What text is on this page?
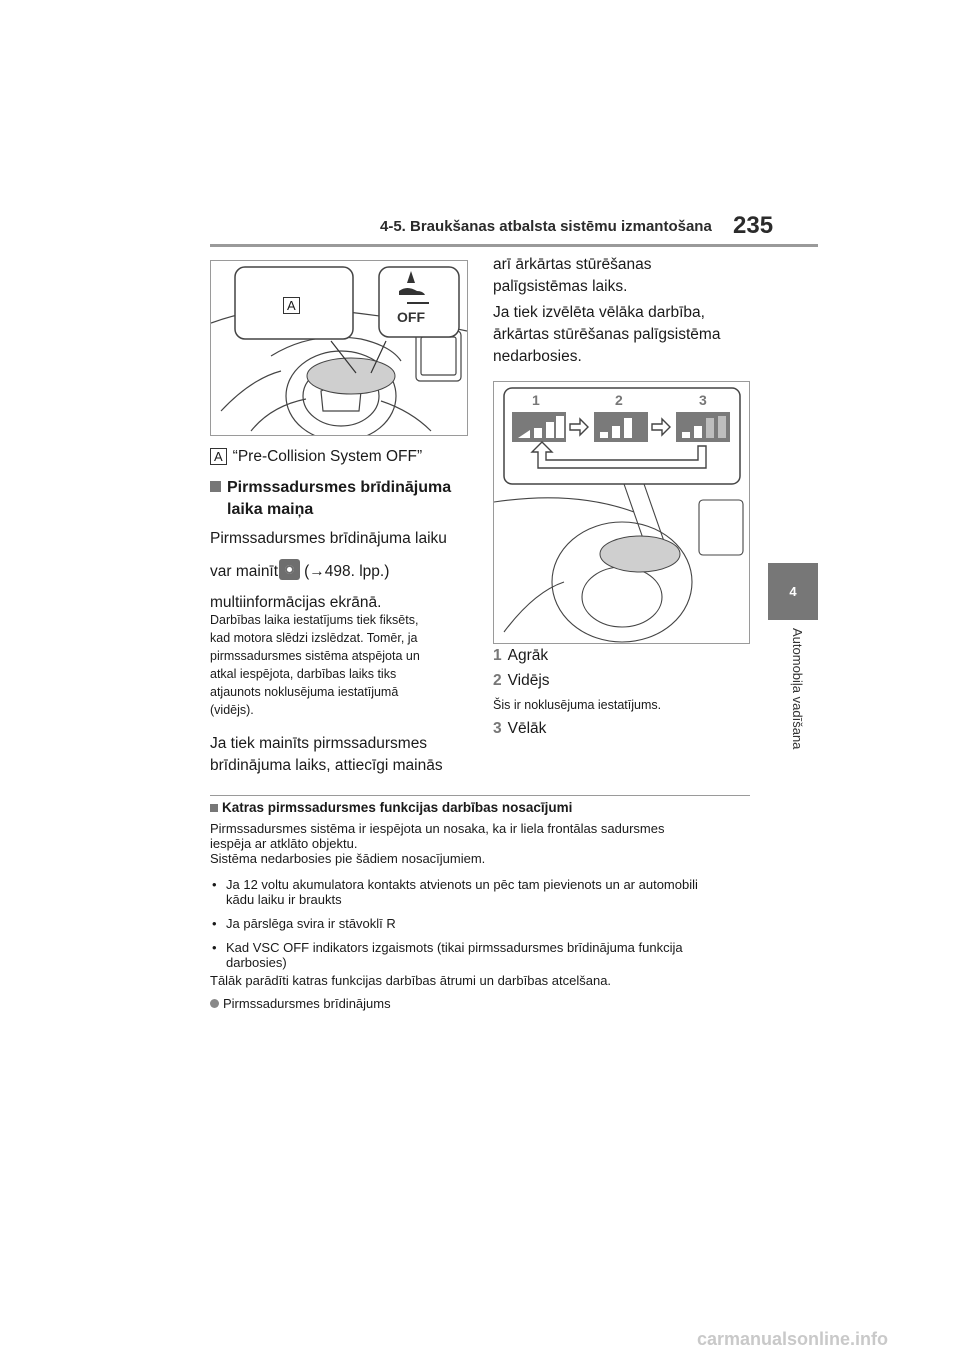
4-5. Braukšanas atbalsta sistēmu izmantošana 235
4
Automobiļa vadīšana
A
OFF
A “Pre-Collision System OFF”
Pirmssadursmes brīdinājuma
laika maiņa
Pirmssadursmes brīdinājuma laiku
var mainīt (→498. lpp.)
multiinformācijas ekrānā.
Darbības laika iestatījums tiek fiksēts,
kad motora slēdzi izslēdzat. Tomēr, ja
pirmssadursmes sistēma atspējota un
atkal iespējota, darbības laiks tiks
atjaunots noklusējuma iestatījumā
(vidējs).
Ja tiek mainīts pirmssadursmes
brīdinājuma laiks, attiecīgi mainās
arī ārkārtas stūrēšanas
palīgsistēmas laiks.
Ja tiek izvēlēta vēlāka darbība,
ārkārtas stūrēšanas palīgsistēma
nedarbosies.
1	2	3
1 Agrāk
2 Vidējs
Šis ir noklusējuma iestatījums.
3 Vēlāk
Katras pirmssadursmes funkcijas darbības nosacījumi
Pirmssadursmes sistēma ir iespējota un nosaka, ka ir liela frontālas sadursmes
iespēja ar atklāto objektu.
Sistēma nedarbosies pie šādiem nosacījumiem.
• Ja 12 voltu akumulatora kontakts atvienots un pēc tam pievienots un ar automobili
kādu laiku ir braukts
• Ja pārslēga svira ir stāvoklī R
• Kad VSC OFF indikators izgaismots (tikai pirmssadursmes brīdinājuma funkcija
darbosies)
Tālāk parādīti katras funkcijas darbības ātrumi un darbības atcelšana.
Pirmssadursmes brīdinājums
carmanualsonline.info
